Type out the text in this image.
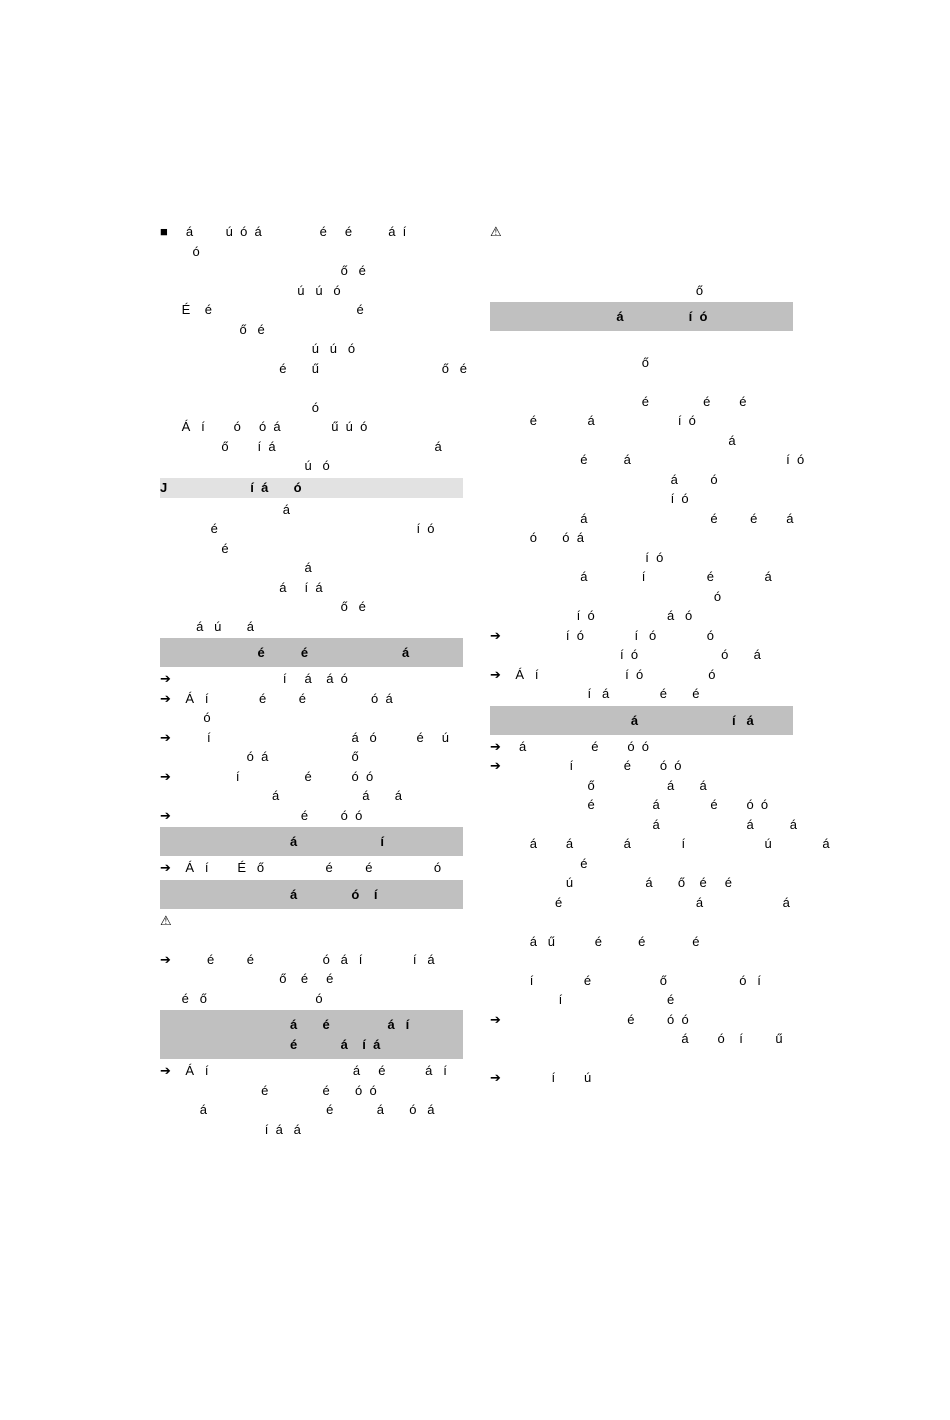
■     á         ú  ó  á                é     é          á  í
ó
ő   é
ú   ú   ó
É    é                                        é
ő   é
ú   ú   ó
é       ű                                  ő   é
ó
Á   í        ó     ó  á              ű  ú  ó
ő        í  á                                            á
ú   ó
J                       í  á       ó
á
é                                                       í  ó
é
á
á     í  á
ő   é
á   ú       á
é          é                          á
➔                               í     á    á  ó
➔    Á   í              é         é                  ó  á
ó
➔          í                                       á   ó           é     ú
ó  á                       ő
➔                  í                  é           ó  ó
á                       á       á
➔                                    é         ó  ó
á                       í
➔    Á   í        É   ő                 é         é                 ó
á               ó    í
⚠
➔          é         é                   ó   á   í              í   á
ő    é     é
é   ő                              ó
á       é                á   í
é            á    í  á
➔    Á   í                                        á     é           á   í
é               é       ó  ó
á                                 é            á       ó   á
í  á   á
⚠
ő
á                  í  ó
ő
é               é        é
é              á                       í  ó
á
é          á                                           í  ó
á         ó
í  ó
á                                  é         é        á
ó       ó  á
í  ó
á               í                 é              á
ó
í  ó                    á   ó
➔                  í  ó              í   ó              ó
í  ó                       ó       á
➔    Á   í                        í  ó                  ó
í   á              é       é
á                          í   á
➔     á                  é        ó  ó
➔                   í              é        ó  ó
ő                    á       á
é                á              é        ó  ó
á                        á          á
á        á              á              í                      ú              á
é
ú                    á       ő    é     é
é                                     á                      á
á   ű           é          é             é
í              é                   ő                    ó   í
í                             é
➔                                   é         ó  ó
á        ó    í         ű
➔              í        ú
